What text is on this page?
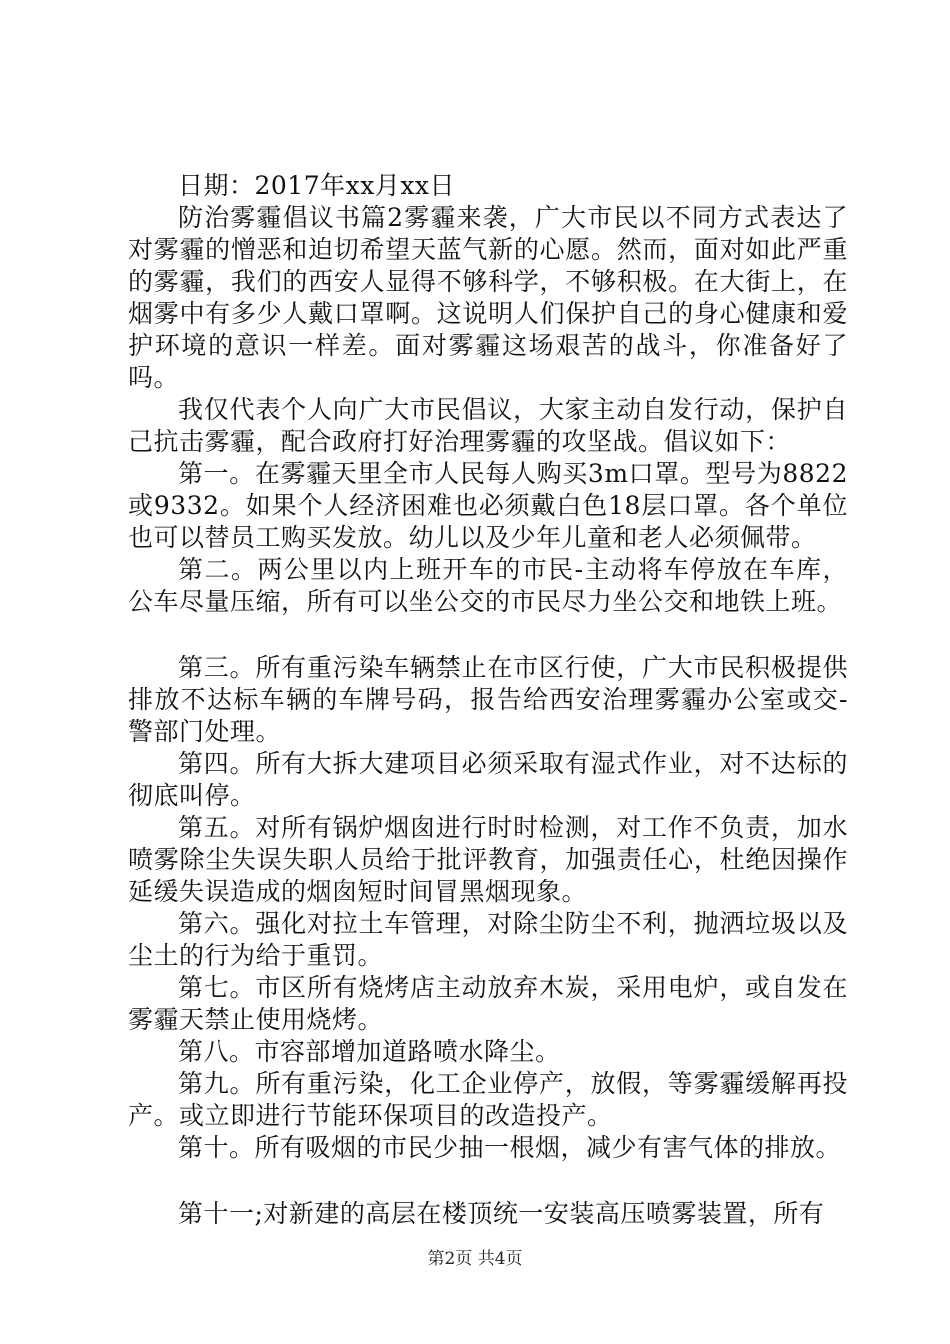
日期：2017年xx月xx日

防治雾霾倡议书篇2雾霾来袭，广大市民以不同方式表达了对雾霾的憎恶和迫切希望天蓝气新的心愿。然而，面对如此严重的雾霾，我们的西安人显得不够科学，不够积极。在大街上，在烟雾中有多少人戴口罩啊。这说明人们保护自己的身心健康和爱护环境的意识一样差。面对雾霾这场艰苦的战斗，你准备好了吗。

我仅代表个人向广大市民倡议，大家主动自发行动，保护自己抗击雾霾，配合政府打好治理雾霾的攻坚战。倡议如下：

第一。在雾霾天里全市人民每人购买3m口罩。型号为8822或9332。如果个人经济困难也必须戴白色18层口罩。各个单位也可以替员工购买发放。幼儿以及少年儿童和老人必须佩带。

第二。两公里以内上班开车的市民-主动将车停放在车库，公车尽量压缩，所有可以坐公交的市民尽力坐公交和地铁上班。

第三。所有重污染车辆禁止在市区行使，广大市民积极提供排放不达标车辆的车牌号码，报告给西安治理雾霾办公室或交-警部门处理。

第四。所有大拆大建项目必须采取有湿式作业，对不达标的彻底叫停。

第五。对所有锅炉烟囱进行时时检测，对工作不负责，加水喷雾除尘失误失职人员给于批评教育，加强责任心，杜绝因操作延缓失误造成的烟囱短时间冒黑烟现象。

第六。强化对拉土车管理，对除尘防尘不利，抛洒垃圾以及尘土的行为给于重罚。

第七。市区所有烧烤店主动放弃木炭，采用电炉，或自发在雾霾天禁止使用烧烤。

第八。市容部增加道路喷水降尘。

第九。所有重污染，化工企业停产，放假，等雾霾缓解再投产。或立即进行节能环保项目的改造投产。

第十。所有吸烟的市民少抽一根烟，减少有害气体的排放。

第十一;对新建的高层在楼顶统一安装高压喷雾装置，所有

第2页 共4页
